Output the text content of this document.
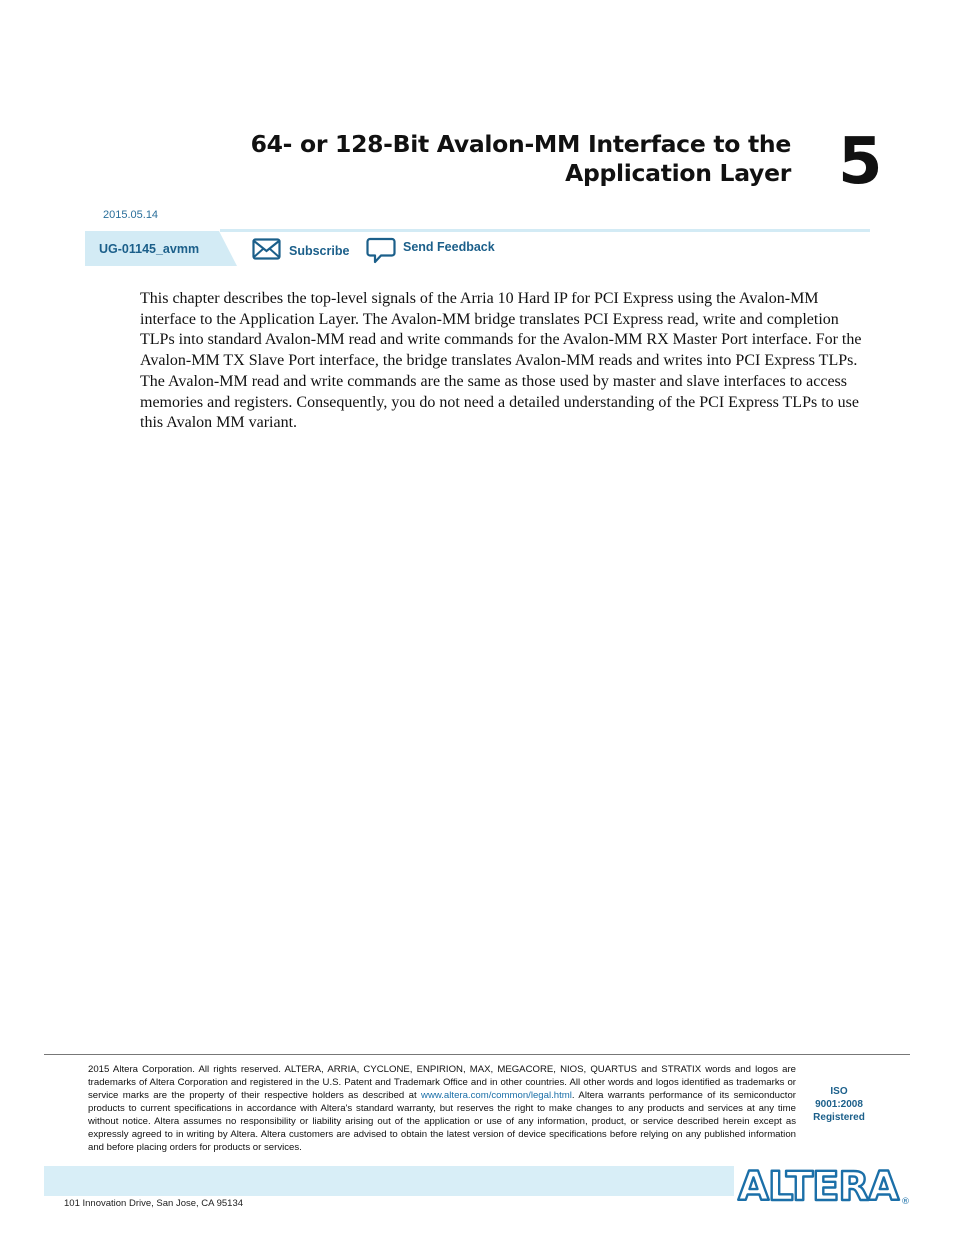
64- or 128-Bit Avalon-MM Interface to the
Application Layer 5
2015.05.14
UG-01145_avmm	Subscribe	Send Feedback

This chapter describes the top-level signals of the Arria 10 Hard IP for PCI Express using the Avalon-MM interface to the Application Layer. The Avalon-MM bridge translates PCI Express read, write and completion TLPs into standard Avalon-MM read and write commands for the Avalon-MM RX Master Port interface. For the Avalon-MM TX Slave Port interface, the bridge translates Avalon-MM reads and writes into PCI Express TLPs. The Avalon-MM read and write commands are the same as those used by master and slave interfaces to access memories and registers. Consequently, you do not need a detailed understanding of the PCI Express TLPs to use this Avalon MM variant.

2015 Altera Corporation. All rights reserved. ALTERA, ARRIA, CYCLONE, ENPIRION, MAX, MEGACORE, NIOS, QUARTUS and STRATIX words and logos are trademarks of Altera Corporation and registered in the U.S. Patent and Trademark Office and in other countries. All other words and logos identified as trademarks or service marks are the property of their respective holders as described at www.altera.com/common/legal.html. Altera warrants performance of its semiconductor products to current specifications in accordance with Altera's standard warranty, but reserves the right to make changes to any products and services at any time without notice. Altera assumes no responsibility or liability arising out of the application or use of any information, product, or service described herein except as expressly agreed to in writing by Altera. Altera customers are advised to obtain the latest version of device specifications before relying on any published information and before placing orders for products or services.
ISO
9001:2008
Registered
101 Innovation Drive, San Jose, CA 95134	ALTERA ®
